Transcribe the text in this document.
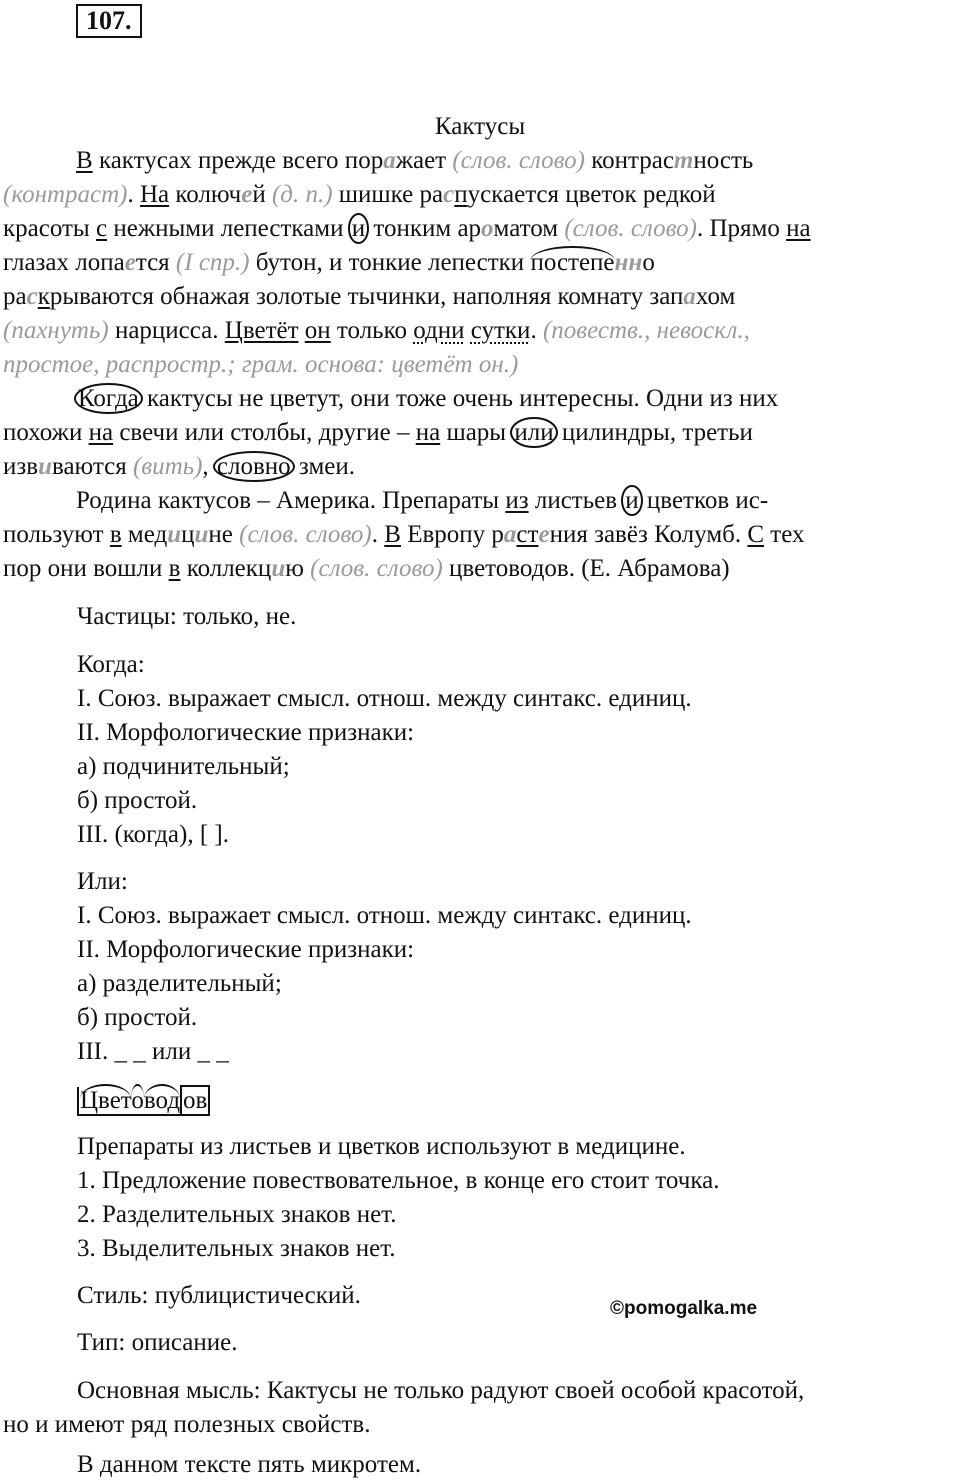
107.
Кактусы
В кактусах прежде всего поражает (слов. слово) контрастность
(контраст). На колючей (д. п.) шишке распускается цветок редкой
красоты с нежными лепестками и тонким ароматом (слов. слово). Прямо на
глазах лопается (I спр.) бутон, и тонкие лепестки постепенно
раскрываются обнажая золотые тычинки, наполняя комнату запахом
(пахнуть) нарцисса. Цветёт он только одни сутки. (повеств., невоскл.,
простое, распростр.; грам. основа: цветёт он.)
Когда кактусы не цветут, они тоже очень интересны. Одни из них
похожи на свечи или столбы, другие – на шары или цилиндры, третьи
извиваются (вить), словно змеи.
Родина кактусов – Америка. Препараты из листьев и цветков ис-
пользуют в медицине (слов. слово). В Европу растения завёз Колумб. С тех
пор они вошли в коллекцию (слов. слово) цветоводов. (Е. Абрамова)
Частицы: только, не.
Когда:
I. Союз. выражает смысл. отнош. между синтакс. единиц.
II. Морфологические признаки:
а) подчинительный;
б) простой.
III. (когда), [ ].
Или:
I. Союз. выражает смысл. отнош. между синтакс. единиц.
II. Морфологические признаки:
а) разделительный;
б) простой.
III. _ _ или _ _
Цветовод ов
Препараты из листьев и цветков используют в медицине.
1. Предложение повествовательное, в конце его стоит точка.
2. Разделительных знаков нет.
3. Выделительных знаков нет.
Стиль: публицистический.
Тип: описание.
Основная мысль: Кактусы не только радуют своей особой красотой,
но и имеют ряд полезных свойств.
В данном тексте пять микротем.
©pomogalka.me
